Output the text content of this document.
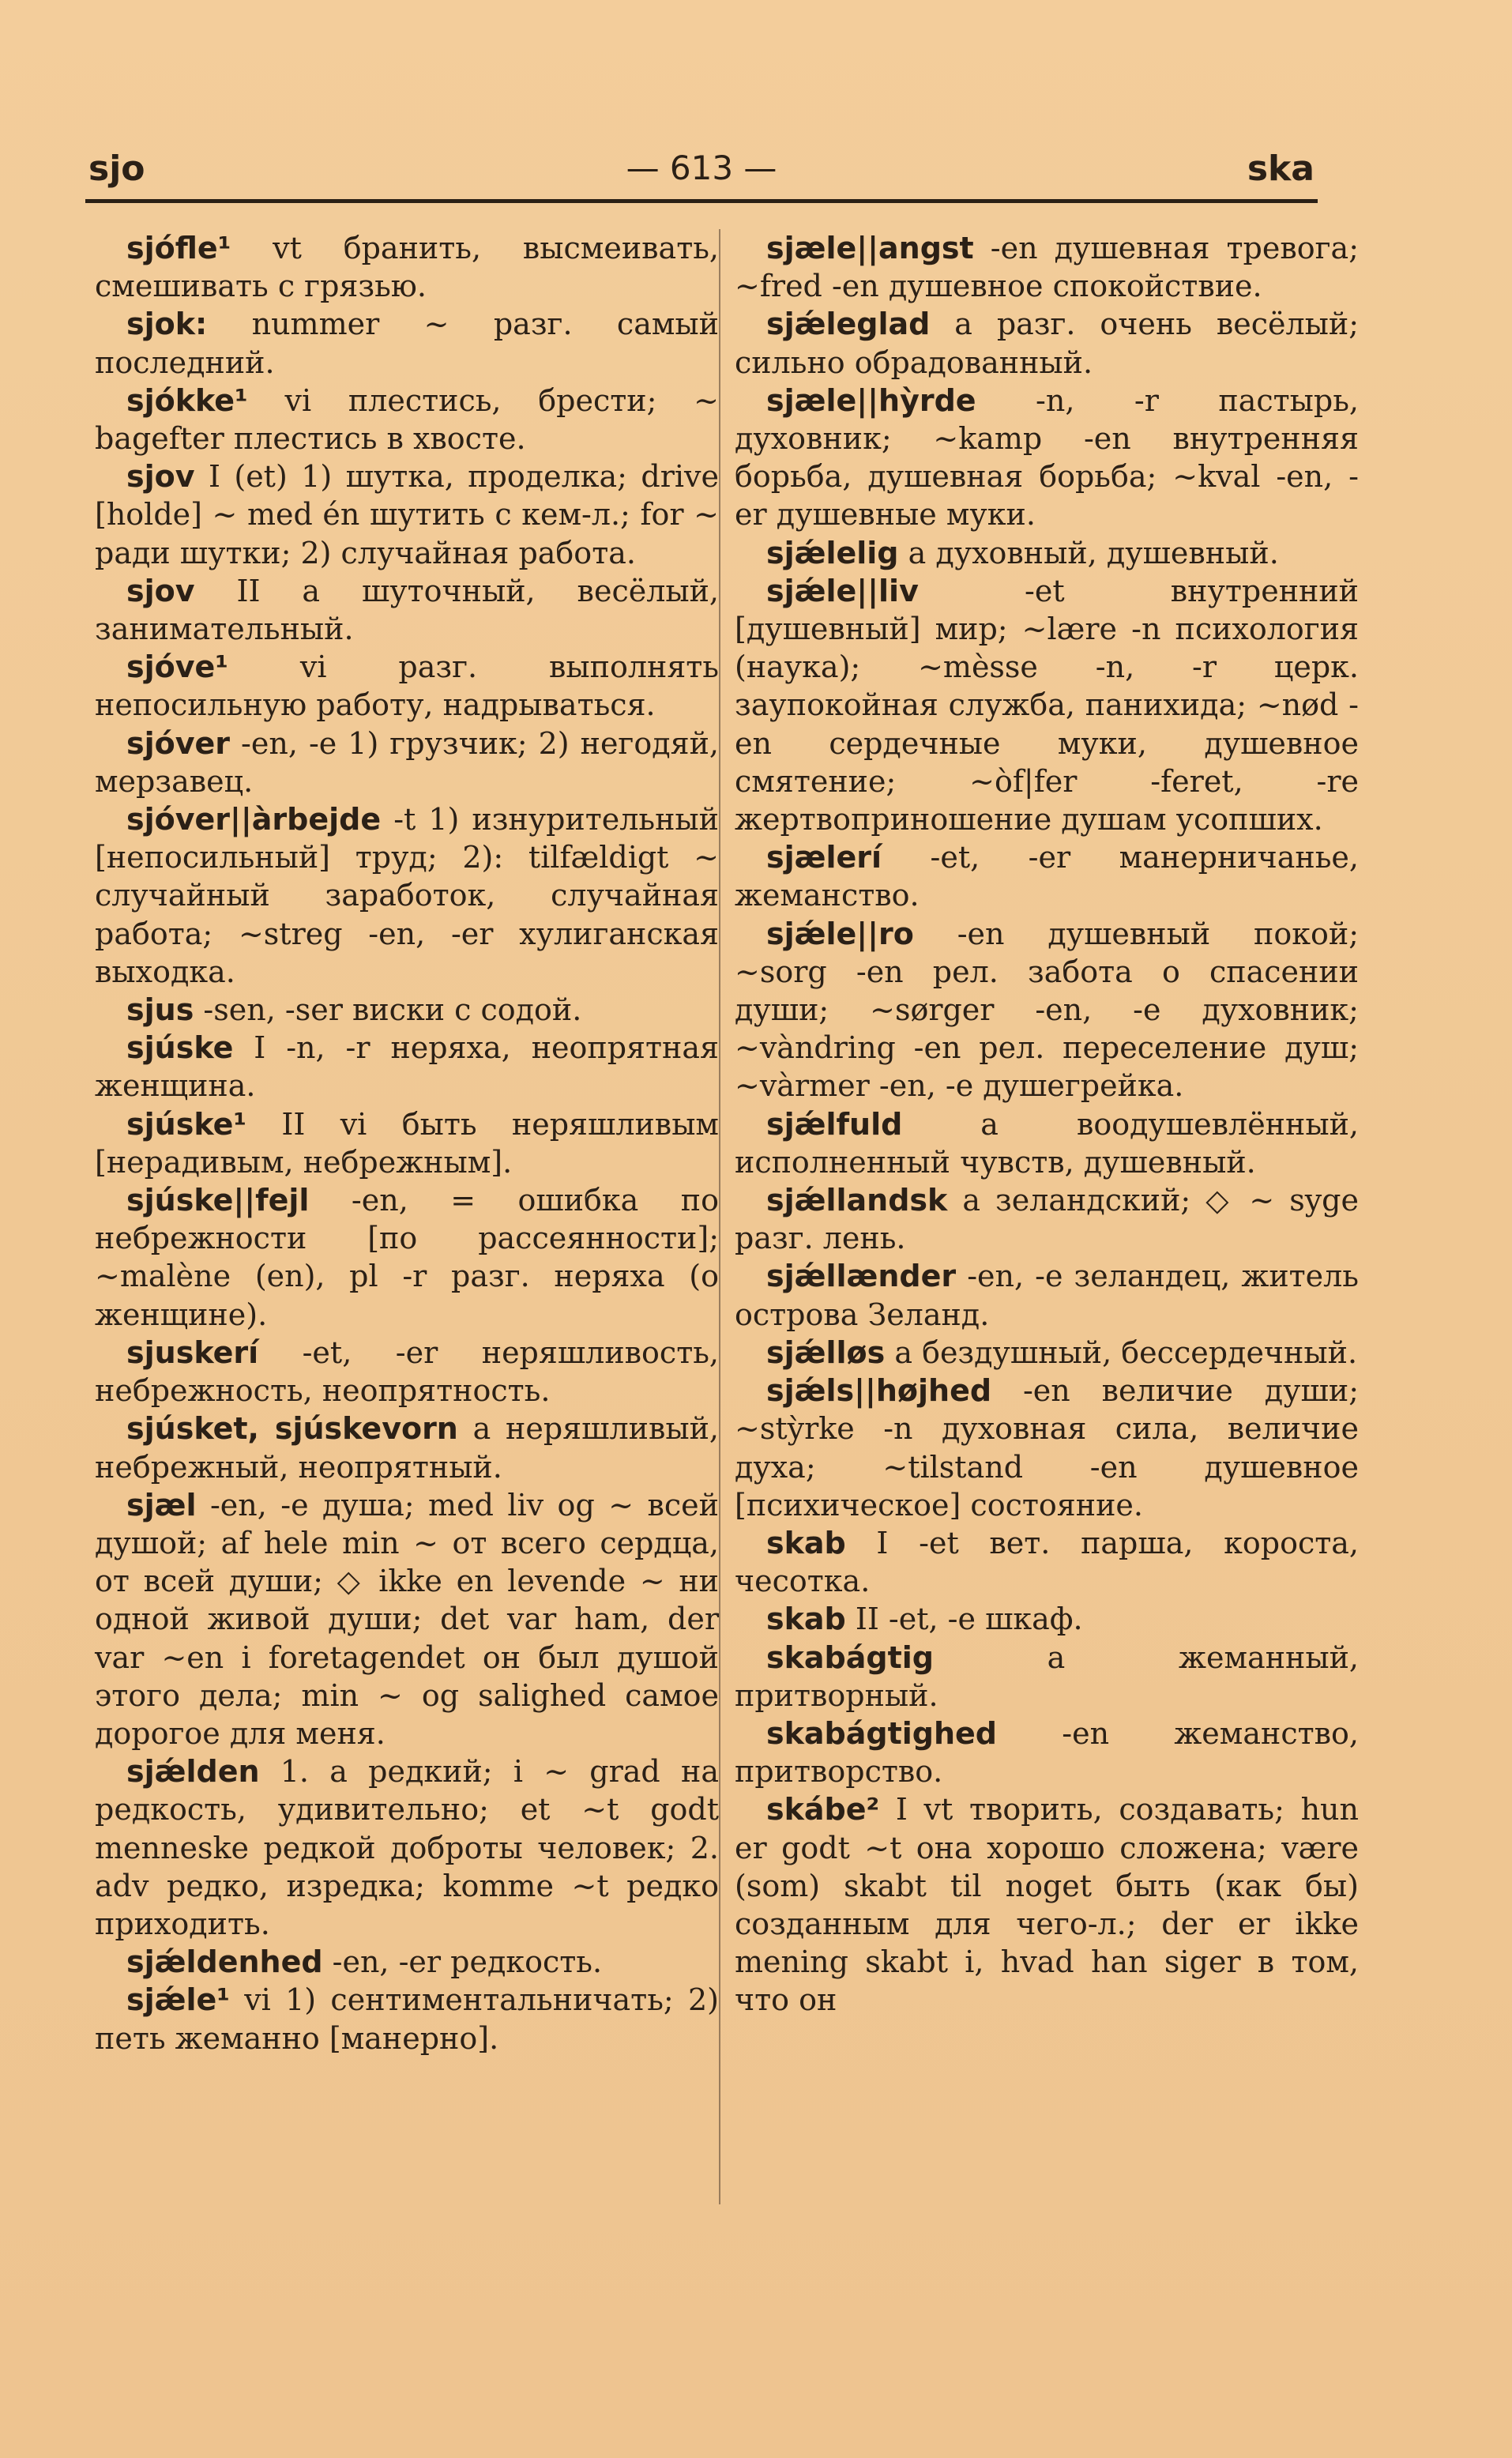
sjo	— 613 —	ska

sjófle¹ vt бранить, высмеивать, смешивать с грязью.

sjok: nummer ~ разг. самый последний.

sjókke¹ vi плестись, брести; ~ bagefter плестись в хвосте.

sjov I (et) 1) шутка, проделка; drive [holde] ~ med én шутить с кем-л.; for ~ ради шутки; 2) случайная работа.

sjov II a шуточный, весёлый, занимательный.

sjóve¹ vi разг. выполнять непосильную работу, надрываться.

sjóver -en, -e 1) грузчик; 2) негодяй, мерзавец.

sjóver||àrbejde -t 1) изнурительный [непосильный] труд; 2): tilfældigt ~ случайный заработок, случайная работа; ~streg -en, -er хулиганская выходка.

sjus -sen, -ser виски с содой.

sjúske I -n, -r неряха, неопрятная женщина.

sjúske¹ II vi быть неряшливым [нерадивым, небрежным].

sjúske||fejl -en, = ошибка по небрежности [по рассеянности]; ~malène (en), pl -r разг. неряха (о женщине).

sjuskerí -et, -er неряшливость, небрежность, неопрятность.

sjúsket, sjúskevorn a неряшливый, небрежный, неопрятный.

sjæl -en, -e душа; med liv og ~ всей душой; af hele min ~ от всего сердца, от всей души; ◇ ikke en levende ~ ни одной живой души; det var ham, der var ~en i foretagendet он был душой этого дела; min ~ og salighed самое дорогое для меня.

sjǽlden 1. a редкий; i ~ grad на редкость, удивительно; et ~t godt menneske редкой доброты человек; 2. adv редко, изредка; komme ~t редко приходить.

sjǽldenhed -en, -er редкость.

sjǽle¹ vi 1) сентиментальничать; 2) петь жеманно [манерно].

sjæle||angst -en душевная тревога; ~fred -en душевное спокойствие.

sjǽleglad a разг. очень весёлый; сильно обрадованный.

sjæle||hỳrde -n, -r пастырь, духовник; ~kamp -en внутренняя борьба, душевная борьба; ~kval -en, -er душевные муки.

sjǽlelig a духовный, душевный.

sjǽle||liv -et внутренний [душевный] мир; ~lære -n психология (наука); ~mèsse -n, -r церк. заупокойная служба, панихида; ~nød -en сердечные муки, душевное смятение; ~òf|fer -feret, -re жертвоприношение душам усопших.

sjælerí -et, -er манерничанье, жеманство.

sjǽle||ro -en душевный покой; ~sorg -en рел. забота о спасении души; ~sørger -en, -e духовник; ~vàndring -en рел. переселение душ; ~vàrmer -en, -e душегрейка.

sjǽlfuld a воодушевлённый, исполненный чувств, душевный.

sjǽllandsk a зеландский; ◇ ~ syge разг. лень.

sjǽllænder -en, -e зеландец, житель острова Зеланд.

sjǽlløs a бездушный, бессердечный.

sjǽls||højhed -en величие души; ~stỳrke -n духовная сила, величие духа; ~tilstand -en душевное [психическое] состояние.

skab I -et вет. парша, короста, чесотка.

skab II -et, -e шкаф.

skabágtig a жеманный, притворный.

skabágtighed -en жеманство, притворство.

skábe² I vt творить, создавать; hun er godt ~t она хорошо сложена; være (som) skabt til noget быть (как бы) созданным для чего-л.; der er ikke mening skabt i, hvad han siger в том, что он
